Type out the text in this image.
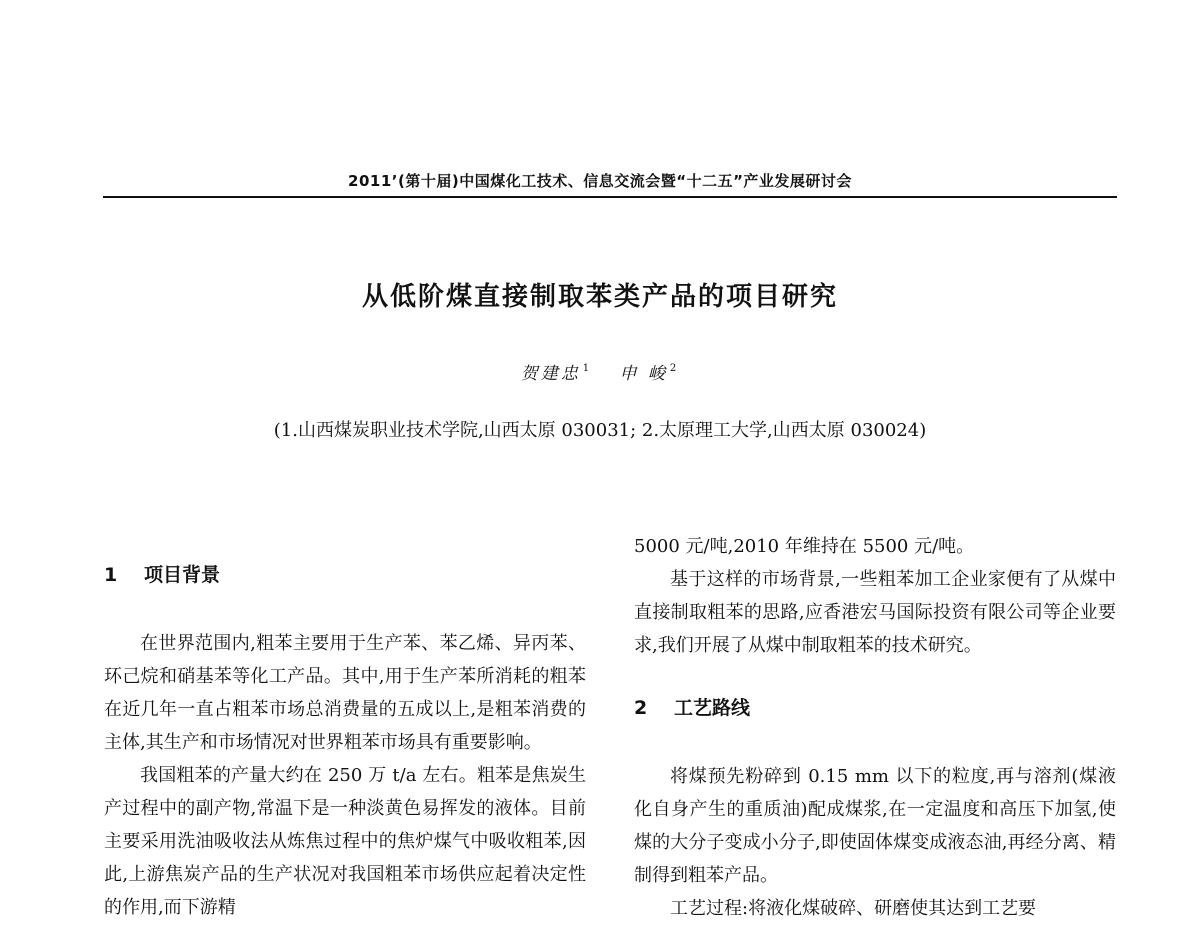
2011’(第十届)中国煤化工技术、信息交流会暨“十二五”产业发展研讨会
从低阶煤直接制取苯类产品的项目研究
贺建忠 $^1$ 申 峻 $^2$
(1.山西煤炭职业技术学院,山西太原 030031; 2.太原理工大学,山西太原 030024)
1 项目背景

在世界范围内,粗苯主要用于生产苯、苯乙烯、异丙苯、环己烷和硝基苯等化工产品。其中,用于生产苯所消耗的粗苯在近几年一直占粗苯市场总消费量的五成以上,是粗苯消费的主体,其生产和市场情况对世界粗苯市场具有重要影响。

我国粗苯的产量大约在 250 万 t/a 左右。粗苯是焦炭生产过程中的副产物,常温下是一种淡黄色易挥发的液体。目前主要采用洗油吸收法从炼焦过程中的焦炉煤气中吸收粗苯,因此,上游焦炭产品的生产状况对我国粗苯市场供应起着决定性的作用,而下游精

5000 元/吨,2010 年维持在 5500 元/吨。

基于这样的市场背景,一些粗苯加工企业家便有了从煤中直接制取粗苯的思路,应香港宏马国际投资有限公司等企业要求,我们开展了从煤中制取粗苯的技术研究。

2 工艺路线

将煤预先粉碎到 0.15 mm 以下的粒度,再与溶剂(煤液化自身产生的重质油)配成煤浆,在一定温度和高压下加氢,使煤的大分子变成小分子,即使固体煤变成液态油,再经分离、精制得到粗苯产品。

工艺过程:将液化煤破碎、研磨使其达到工艺要
